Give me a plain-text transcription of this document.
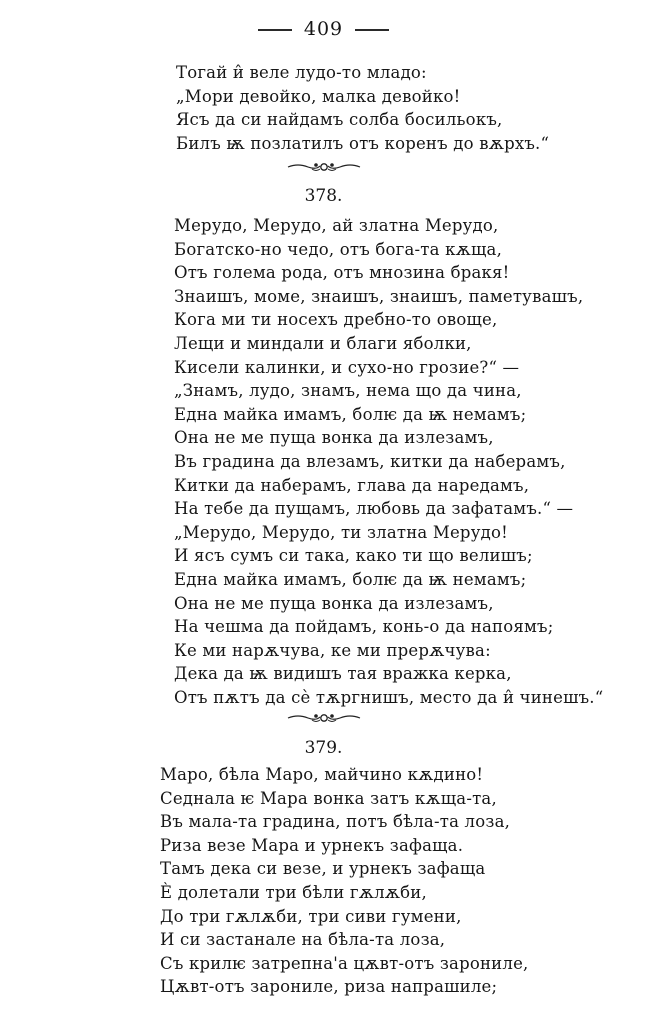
409
Тогай и̂ веле лудо-то младо:
„Мори девойко, малка девойко!
Ясъ да си найдамъ солба босильокъ,
Билъ ѭ позлатилъ отъ коренъ до вѫрхъ.“
378.
Мерудо, Мерудо, ай златна Мерудо,
Богатско-но чедо, отъ бога-та кѫща,
Отъ голема рода, отъ мнозина бракя!
Знаишъ, моме, знаишъ, знаишъ, паметувашъ,
Кога ми ти носехъ дребно-то овоще,
Лещи и миндали и благи яболки,
Кисели калинки, и сухо-но грозие?“ —
„Знамъ, лудо, знамъ, нема що да чина,
Една майка имамъ, болѥ да ѭ немамъ;
Она не ме пуща вонка да излезамъ,
Въ градина да влезамъ, китки да наберамъ,
Китки да наберамъ, глава да наредамъ,
На тебе да пущамъ, любовь да зафатамъ.“ —
„Мерудо, Мерудо, ти златна Мерудо!
И ясъ сумъ си така, како ти що велишъ;
Една майка имамъ, болѥ да ѭ немамъ;
Она не ме пуща вонка да излезамъ,
На чешма да пойдамъ, конь-о да напоямъ;
Ке ми нарѫчува, ке ми прерѫчува:
Дека да ѭ видишъ тая вражка керка,
Отъ пѫтъ да сѐ тѫргнишъ, место да и̂ чинешъ.“
379.
Маро, бѣла Маро, майчино кѫдино!
Седнала ѥ Мара вонка затъ кѫща-та,
Въ мала-та градина, потъ бѣла-та лоза,
Риза везе Мара и урнекъ зафаща.
Тамъ дека си везе, и урнекъ зафаща
Ѐ долетали три бѣли гѫлѫби,
До три гѫлѫби, три сиви гумени,
И си застанале на бѣла-та лоза,
Съ крилѥ затрепна'а цѫвт-отъ зарониле,
Цѫвт-отъ зарониле, риза напрашиле;
